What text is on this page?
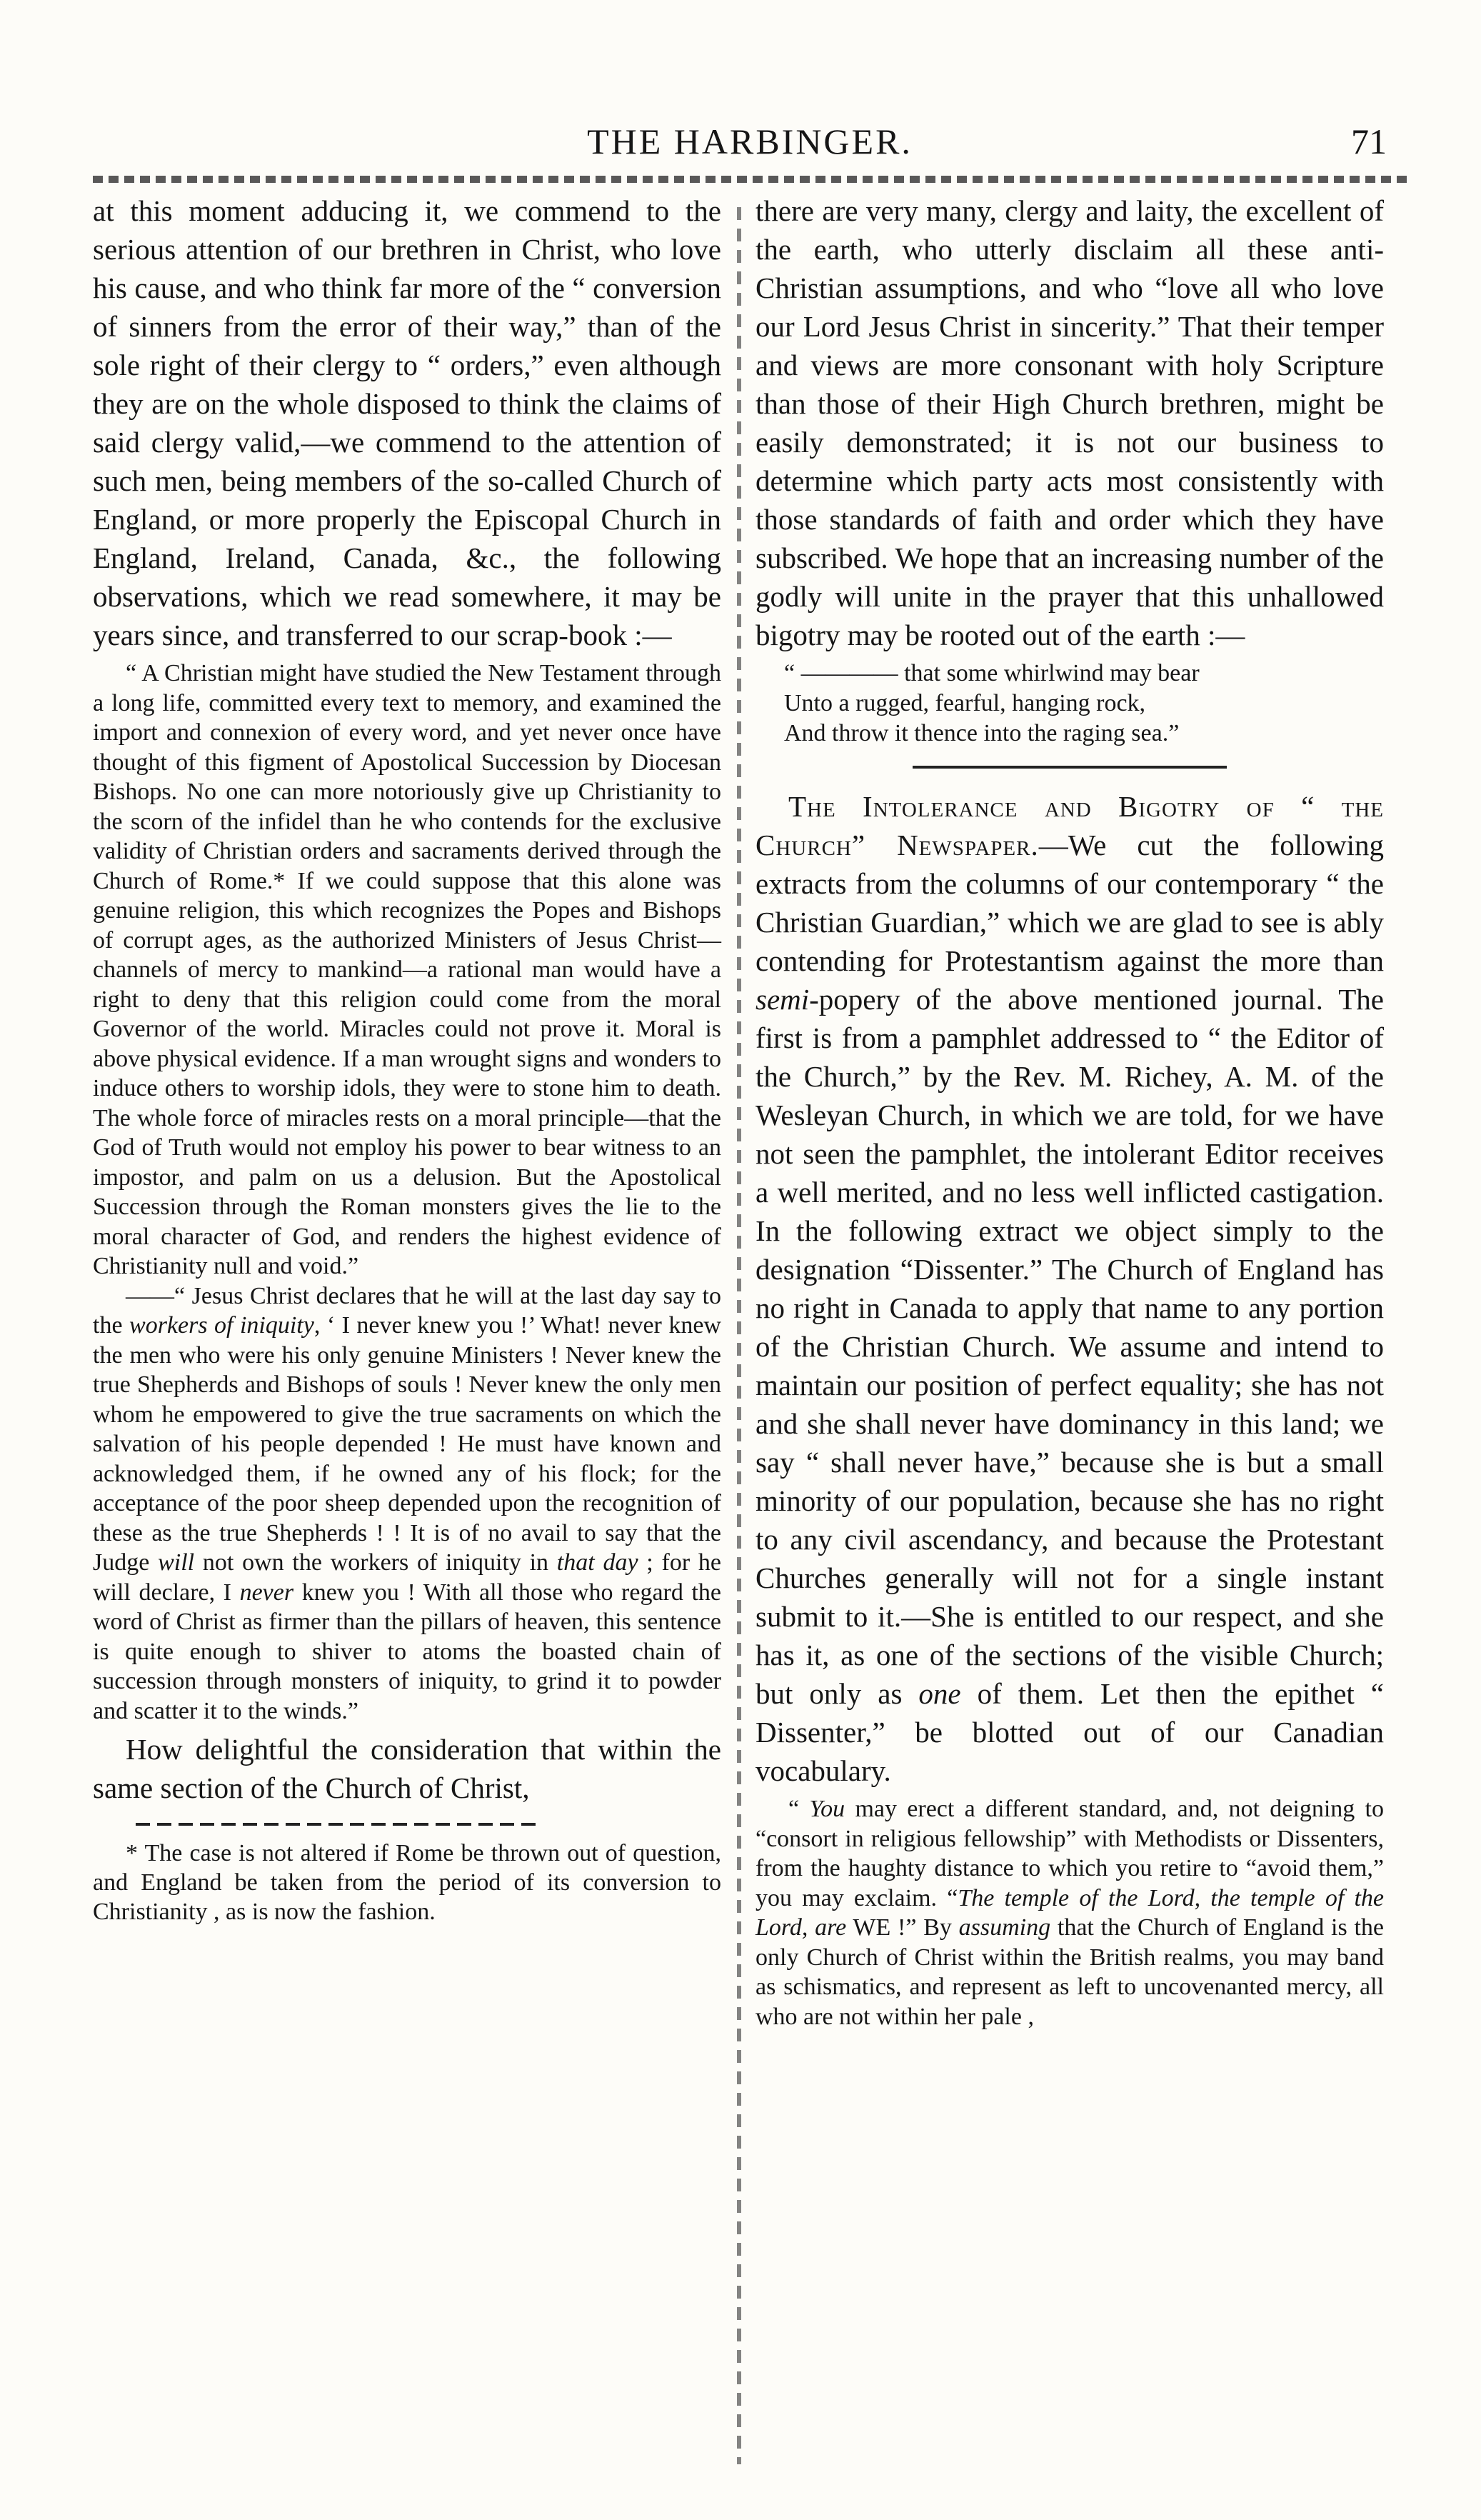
THE HARBINGER.	71

at this moment adducing it, we commend to the serious attention of our brethren in Christ, who love his cause, and who think far more of the “ conversion of sinners from the error of their way,” than of the sole right of their clergy to “ orders,” even although they are on the whole disposed to think the claims of said clergy valid,—we commend to the attention of such men, being members of the so-called Church of England, or more properly the Episcopal Church in England, Ireland, Canada, &c., the following observations, which we read somewhere, it may be years since, and transferred to our scrap-book :—

“ A Christian might have studied the New Testament through a long life, committed every text to memory, and examined the import and connexion of every word, and yet never once have thought of this figment of Apostolical Succession by Diocesan Bishops. No one can more notoriously give up Christianity to the scorn of the infidel than he who contends for the exclusive validity of Christian orders and sacraments derived through the Church of Rome.* If we could suppose that this alone was genuine religion, this which recognizes the Popes and Bishops of corrupt ages, as the authorized Ministers of Jesus Christ—channels of mercy to mankind—a rational man would have a right to deny that this religion could come from the moral Governor of the world. Miracles could not prove it. Moral is above physical evidence. If a man wrought signs and wonders to induce others to worship idols, they were to stone him to death. The whole force of miracles rests on a moral principle—that the God of Truth would not employ his power to bear witness to an impostor, and palm on us a delusion. But the Apostolical Succession through the Roman monsters gives the lie to the moral character of God, and renders the highest evidence of Christianity null and void.”

——“ Jesus Christ declares that he will at the last day say to the workers of iniquity, ‘ I never knew you !’ What! never knew the men who were his only genuine Ministers ! Never knew the true Shepherds and Bishops of souls ! Never knew the only men whom he empowered to give the true sacraments on which the salvation of his people depended ! He must have known and acknowledged them, if he owned any of his flock; for the acceptance of the poor sheep depended upon the recognition of these as the true Shepherds ! ! It is of no avail to say that the Judge will not own the workers of iniquity in that day ; for he will declare, I never knew you ! With all those who regard the word of Christ as firmer than the pillars of heaven, this sentence is quite enough to shiver to atoms the boasted chain of succession through monsters of iniquity, to grind it to powder and scatter it to the winds.”

How delightful the consideration that within the same section of the Church of Christ,

* The case is not altered if Rome be thrown out of question, and England be taken from the period of its conversion to Christianity , as is now the fashion.

there are very many, clergy and laity, the excellent of the earth, who utterly disclaim all these anti-Christian assumptions, and who “love all who love our Lord Jesus Christ in sincerity.” That their temper and views are more consonant with holy Scripture than those of their High Church brethren, might be easily demonstrated; it is not our business to determine which party acts most consistently with those standards of faith and order which they have subscribed. We hope that an increasing number of the godly will unite in the prayer that this unhallowed bigotry may be rooted out of the earth :—

“ ———— that some whirlwind may bear
Unto a rugged, fearful, hanging rock,
And throw it thence into the raging sea.”

The Intolerance and Bigotry of “ the Church” Newspaper.—We cut the following extracts from the columns of our contemporary “ the Christian Guardian,” which we are glad to see is ably contending for Protestantism against the more than semi-popery of the above mentioned journal. The first is from a pamphlet addressed to “ the Editor of the Church,” by the Rev. M. Richey, A. M. of the Wesleyan Church, in which we are told, for we have not seen the pamphlet, the intolerant Editor receives a well merited, and no less well inflicted castigation. In the following extract we object simply to the designation “Dissenter.” The Church of England has no right in Canada to apply that name to any portion of the Christian Church. We assume and intend to maintain our position of perfect equality; she has not and she shall never have dominancy in this land; we say “ shall never have,” because she is but a small minority of our population, because she has no right to any civil ascendancy, and because the Protestant Churches generally will not for a single instant submit to it.—She is entitled to our respect, and she has it, as one of the sections of the visible Church; but only as one of them. Let then the epithet “ Dissenter,” be blotted out of our Canadian vocabulary.

“ You may erect a different standard, and, not deigning to “consort in religious fellowship” with Methodists or Dissenters, from the haughty distance to which you retire to “avoid them,” you may exclaim. “The temple of the Lord, the temple of the Lord, are WE !” By assuming that the Church of England is the only Church of Christ within the British realms, you may band as schismatics, and represent as left to uncovenanted mercy, all who are not within her pale ,
